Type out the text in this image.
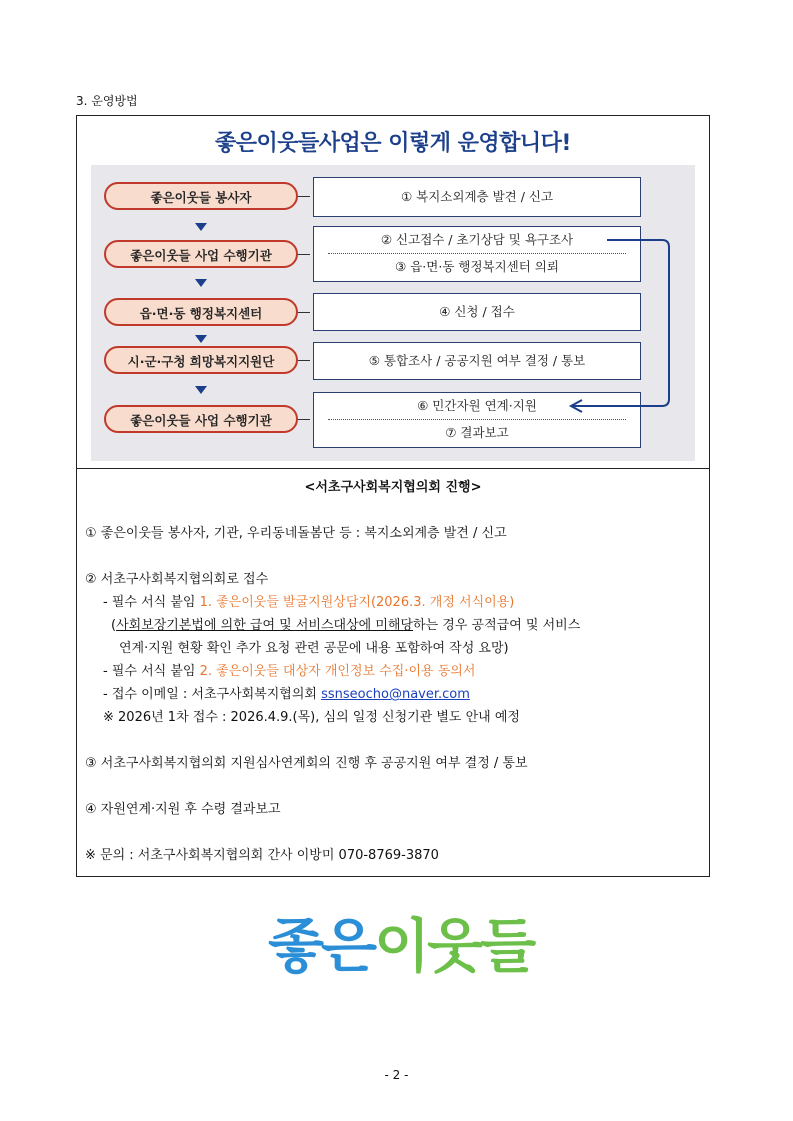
3. 운영방법
좋은이웃들사업은 이렇게 운영합니다!
좋은이웃들 봉사자
좋은이웃들 사업 수행기관
읍·면·동 행정복지센터
시·군·구청 희망복지지원단
좋은이웃들 사업 수행기관
① 복지소외계층 발견 / 신고
② 신고접수 / 초기상담 및 욕구조사
③ 읍·면·동 행정복지센터 의뢰
④ 신청 / 접수
⑤ 통합조사 / 공공지원 여부 결정 / 통보
⑥ 민간자원 연계·지원
⑦ 결과보고
<서초구사회복지협의회 진행>
① 좋은이웃들 봉사자, 기관, 우리동네돌봄단 등 : 복지소외계층 발견 / 신고
② 서초구사회복지협의회로 접수
- 필수 서식 붙임 1. 좋은이웃들 발굴지원상담지(2026.3. 개정 서식이용)
(사회보장기본법에 의한 급여 및 서비스대상에 미해당하는 경우 공적급여 및 서비스
연계·지원 현황 확인 추가 요청 관련 공문에 내용 포함하여 작성 요망)
- 필수 서식 붙임 2. 좋은이웃들 대상자 개인정보 수집·이용 동의서
- 접수 이메일 : 서초구사회복지협의회 ssnseocho@naver.com
※ 2026년 1차 접수 : 2026.4.9.(목), 심의 일정 신청기관 별도 안내 예정
③ 서초구사회복지협의회 지원심사연계회의 진행 후 공공지원 여부 결정 / 통보
④ 자원연계·지원 후 수령 결과보고
※ 문의 : 서초구사회복지협의회 간사 이방미 070-8769-3870
좋은이웃들
- 2 -
